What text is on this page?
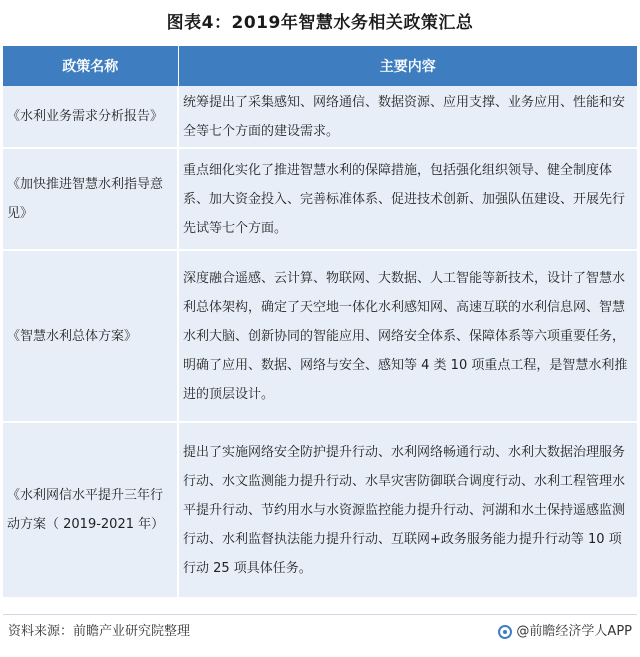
图表4：2019年智慧水务相关政策汇总
政策名称	主要内容
《水利业务需求分析报告》	统筹提出了采集感知、网络通信、数据资源、应用支撑、业务应用、性能和安全等七个方面的建设需求。
《加快推进智慧水利指导意见》	重点细化实化了推进智慧水利的保障措施，包括强化组织领导、健全制度体系、加大资金投入、完善标准体系、促进技术创新、加强队伍建设、开展先行先试等七个方面。
《智慧水利总体方案》	深度融合遥感、云计算、物联网、大数据、人工智能等新技术，设计了智慧水利总体架构，确定了天空地一体化水利感知网、高速互联的水利信息网、智慧水利大脑、创新协同的智能应用、网络安全体系、保障体系等六项重要任务，明确了应用、数据、网络与安全、感知等 4 类 10 项重点工程，是智慧水利推进的顶层设计。
《水利网信水平提升三年行动方案（ 2019-2021 年）	提出了实施网络安全防护提升行动、水利网络畅通行动、水利大数据治理服务行动、水文监测能力提升行动、水旱灾害防御联合调度行动、水利工程管理水平提升行动、节约用水与水资源监控能力提升行动、河湖和水土保持遥感监测行动、水利监督执法能力提升行动、互联网+政务服务能力提升行动等 10 项行动 25 项具体任务。
资料来源：前瞻产业研究院整理	@前瞻经济学人APP
